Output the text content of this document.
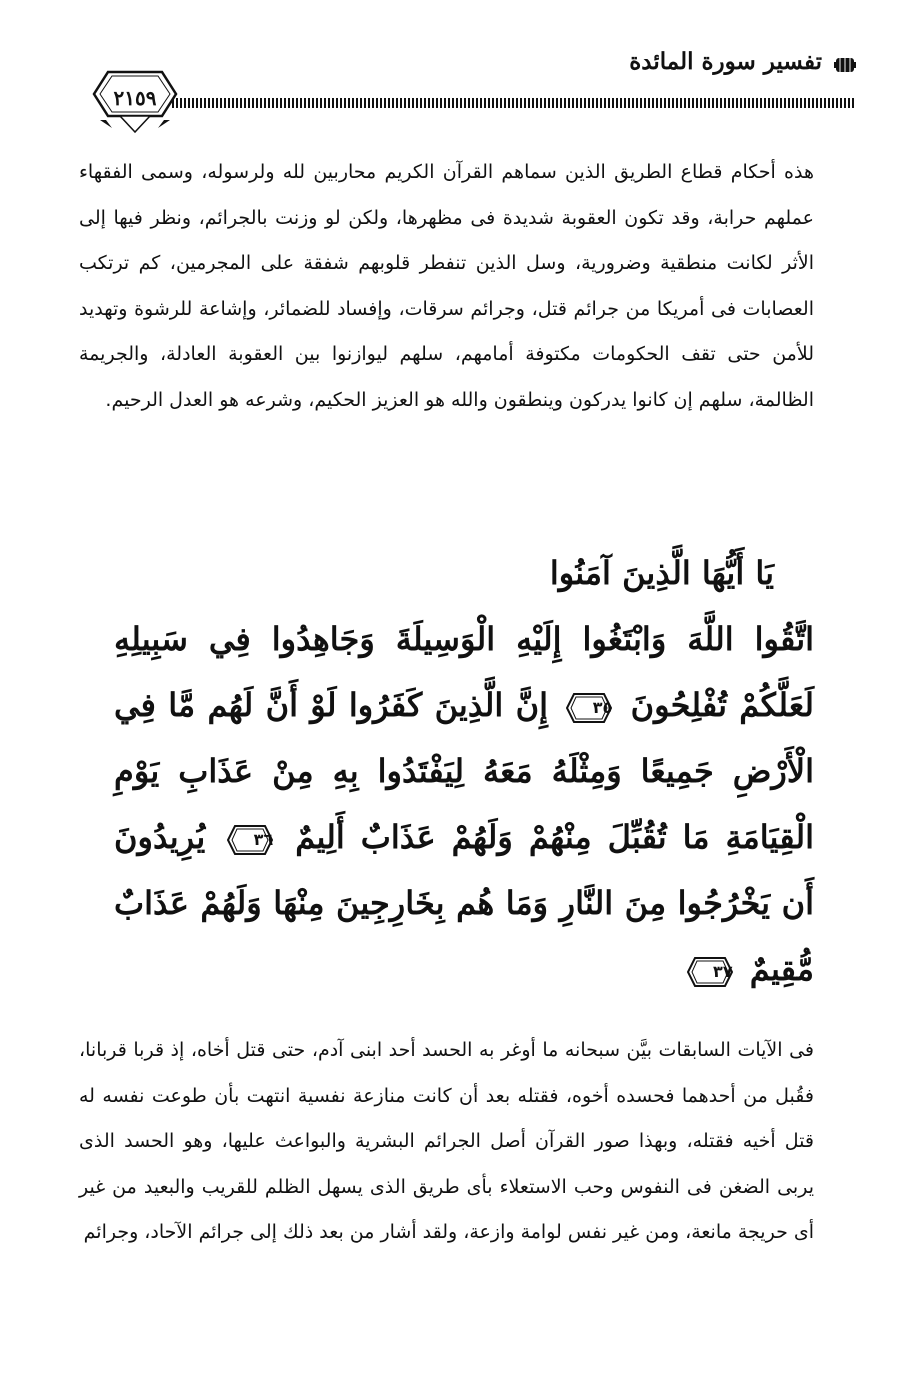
تفسير سورة المائدة
٢١٥٩

هذه أحكام قطاع الطريق الذين سماهم القرآن الكريم محاربين لله ولرسوله، وسمى الفقهاء عملهم حرابة، وقد تكون العقوبة شديدة فى مظهرها، ولكن لو وزنت بالجرائم، ونظر فيها إلى الأثر لكانت منطقية وضرورية، وسل الذين تنفطر قلوبهم شفقة على المجرمين، كم ترتكب العصابات فى أمريكا من جرائم قتل، وجرائم سرقات، وإفساد للضمائر، وإشاعة للرشوة وتهديد للأمن حتى تقف الحكومات مكتوفة أمامهم، سلهم ليوازنوا بين العقوبة العادلة، والجريمة الظالمة، سلهم إن كانوا يدركون وينطقون والله هو العزيز الحكيم، وشرعه هو العدل الرحيم.

يَا أَيُّهَا الَّذِينَ آمَنُوا
اتَّقُوا اللَّهَ وَابْتَغُوا إِلَيْهِ الْوَسِيلَةَ وَجَاهِدُوا فِي سَبِيلِهِ لَعَلَّكُمْ تُفْلِحُونَ
٣٥
إِنَّ الَّذِينَ كَفَرُوا لَوْ أَنَّ لَهُم مَّا فِي الْأَرْضِ جَمِيعًا وَمِثْلَهُ مَعَهُ لِيَفْتَدُوا بِهِ مِنْ عَذَابِ يَوْمِ الْقِيَامَةِ مَا تُقُبِّلَ مِنْهُمْ وَلَهُمْ عَذَابٌ أَلِيمٌ
٣٦
يُرِيدُونَ أَن يَخْرُجُوا مِنَ النَّارِ وَمَا هُم بِخَارِجِينَ مِنْهَا وَلَهُمْ عَذَابٌ مُّقِيمٌ
٣٧

فى الآيات السابقات بيَّن سبحانه ما أوغر به الحسد أحد ابنى آدم، حتى قتل أخاه، إذ قربا قربانا، فقُبل من أحدهما فحسده أخوه، فقتله بعد أن كانت منازعة نفسية انتهت بأن طوعت نفسه له قتل أخيه فقتله، وبهذا صور القرآن أصل الجرائم البشرية والبواعث عليها، وهو الحسد الذى يربى الضغن فى النفوس وحب الاستعلاء بأى طريق الذى يسهل الظلم للقريب والبعيد من غير أى حريجة مانعة، ومن غير نفس لوامة وازعة، ولقد أشار من بعد ذلك إلى جرائم الآحاد، وجرائم
